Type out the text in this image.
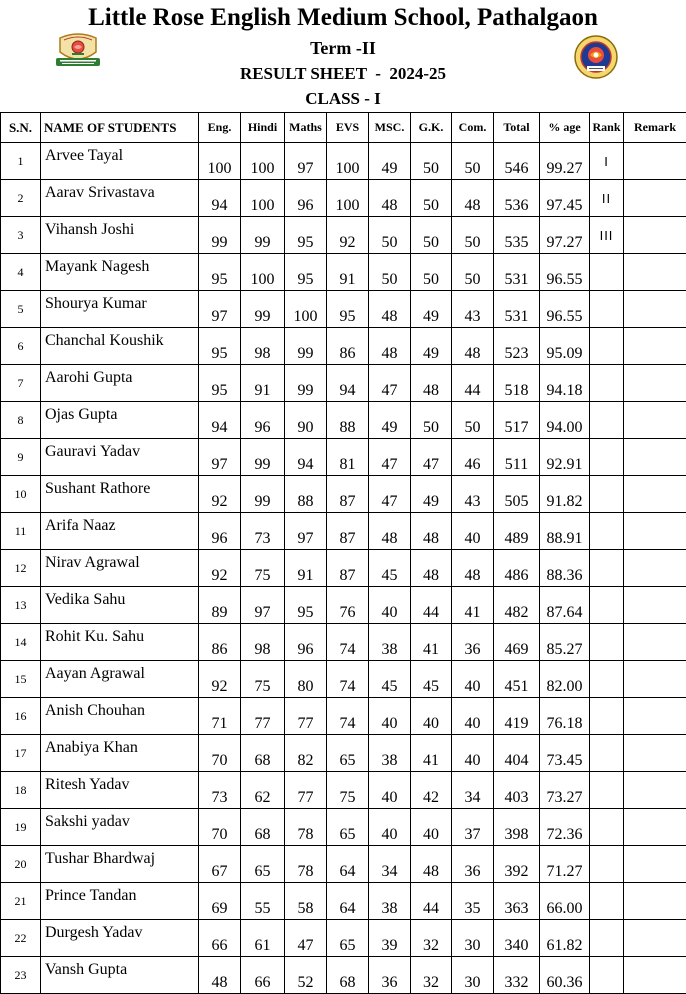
Little Rose English Medium School, Pathalgaon
Term -II
RESULT SHEET  -  2024-25
CLASS - I
S.N.	NAME OF STUDENTS	Eng.	Hindi	Maths	EVS	MSC.	G.K.	Com.	Total	% age	Rank	Remark
1	Arvee Tayal	100	100	97	100	49	50	50	546	99.27	I	
2	Aarav Srivastava	94	100	96	100	48	50	48	536	97.45	II	
3	Vihansh Joshi	99	99	95	92	50	50	50	535	97.27	III	
4	Mayank Nagesh	95	100	95	91	50	50	50	531	96.55		
5	Shourya Kumar	97	99	100	95	48	49	43	531	96.55		
6	Chanchal Koushik	95	98	99	86	48	49	48	523	95.09		
7	Aarohi Gupta	95	91	99	94	47	48	44	518	94.18		
8	Ojas Gupta	94	96	90	88	49	50	50	517	94.00		
9	Gauravi Yadav	97	99	94	81	47	47	46	511	92.91		
10	Sushant Rathore	92	99	88	87	47	49	43	505	91.82		
11	Arifa Naaz	96	73	97	87	48	48	40	489	88.91		
12	Nirav Agrawal	92	75	91	87	45	48	48	486	88.36		
13	Vedika Sahu	89	97	95	76	40	44	41	482	87.64		
14	Rohit Ku. Sahu	86	98	96	74	38	41	36	469	85.27		
15	Aayan Agrawal	92	75	80	74	45	45	40	451	82.00		
16	Anish Chouhan	71	77	77	74	40	40	40	419	76.18		
17	Anabiya Khan	70	68	82	65	38	41	40	404	73.45		
18	Ritesh Yadav	73	62	77	75	40	42	34	403	73.27		
19	Sakshi yadav	70	68	78	65	40	40	37	398	72.36		
20	Tushar Bhardwaj	67	65	78	64	34	48	36	392	71.27		
21	Prince Tandan	69	55	58	64	38	44	35	363	66.00		
22	Durgesh Yadav	66	61	47	65	39	32	30	340	61.82		
23	Vansh Gupta	48	66	52	68	36	32	30	332	60.36		
